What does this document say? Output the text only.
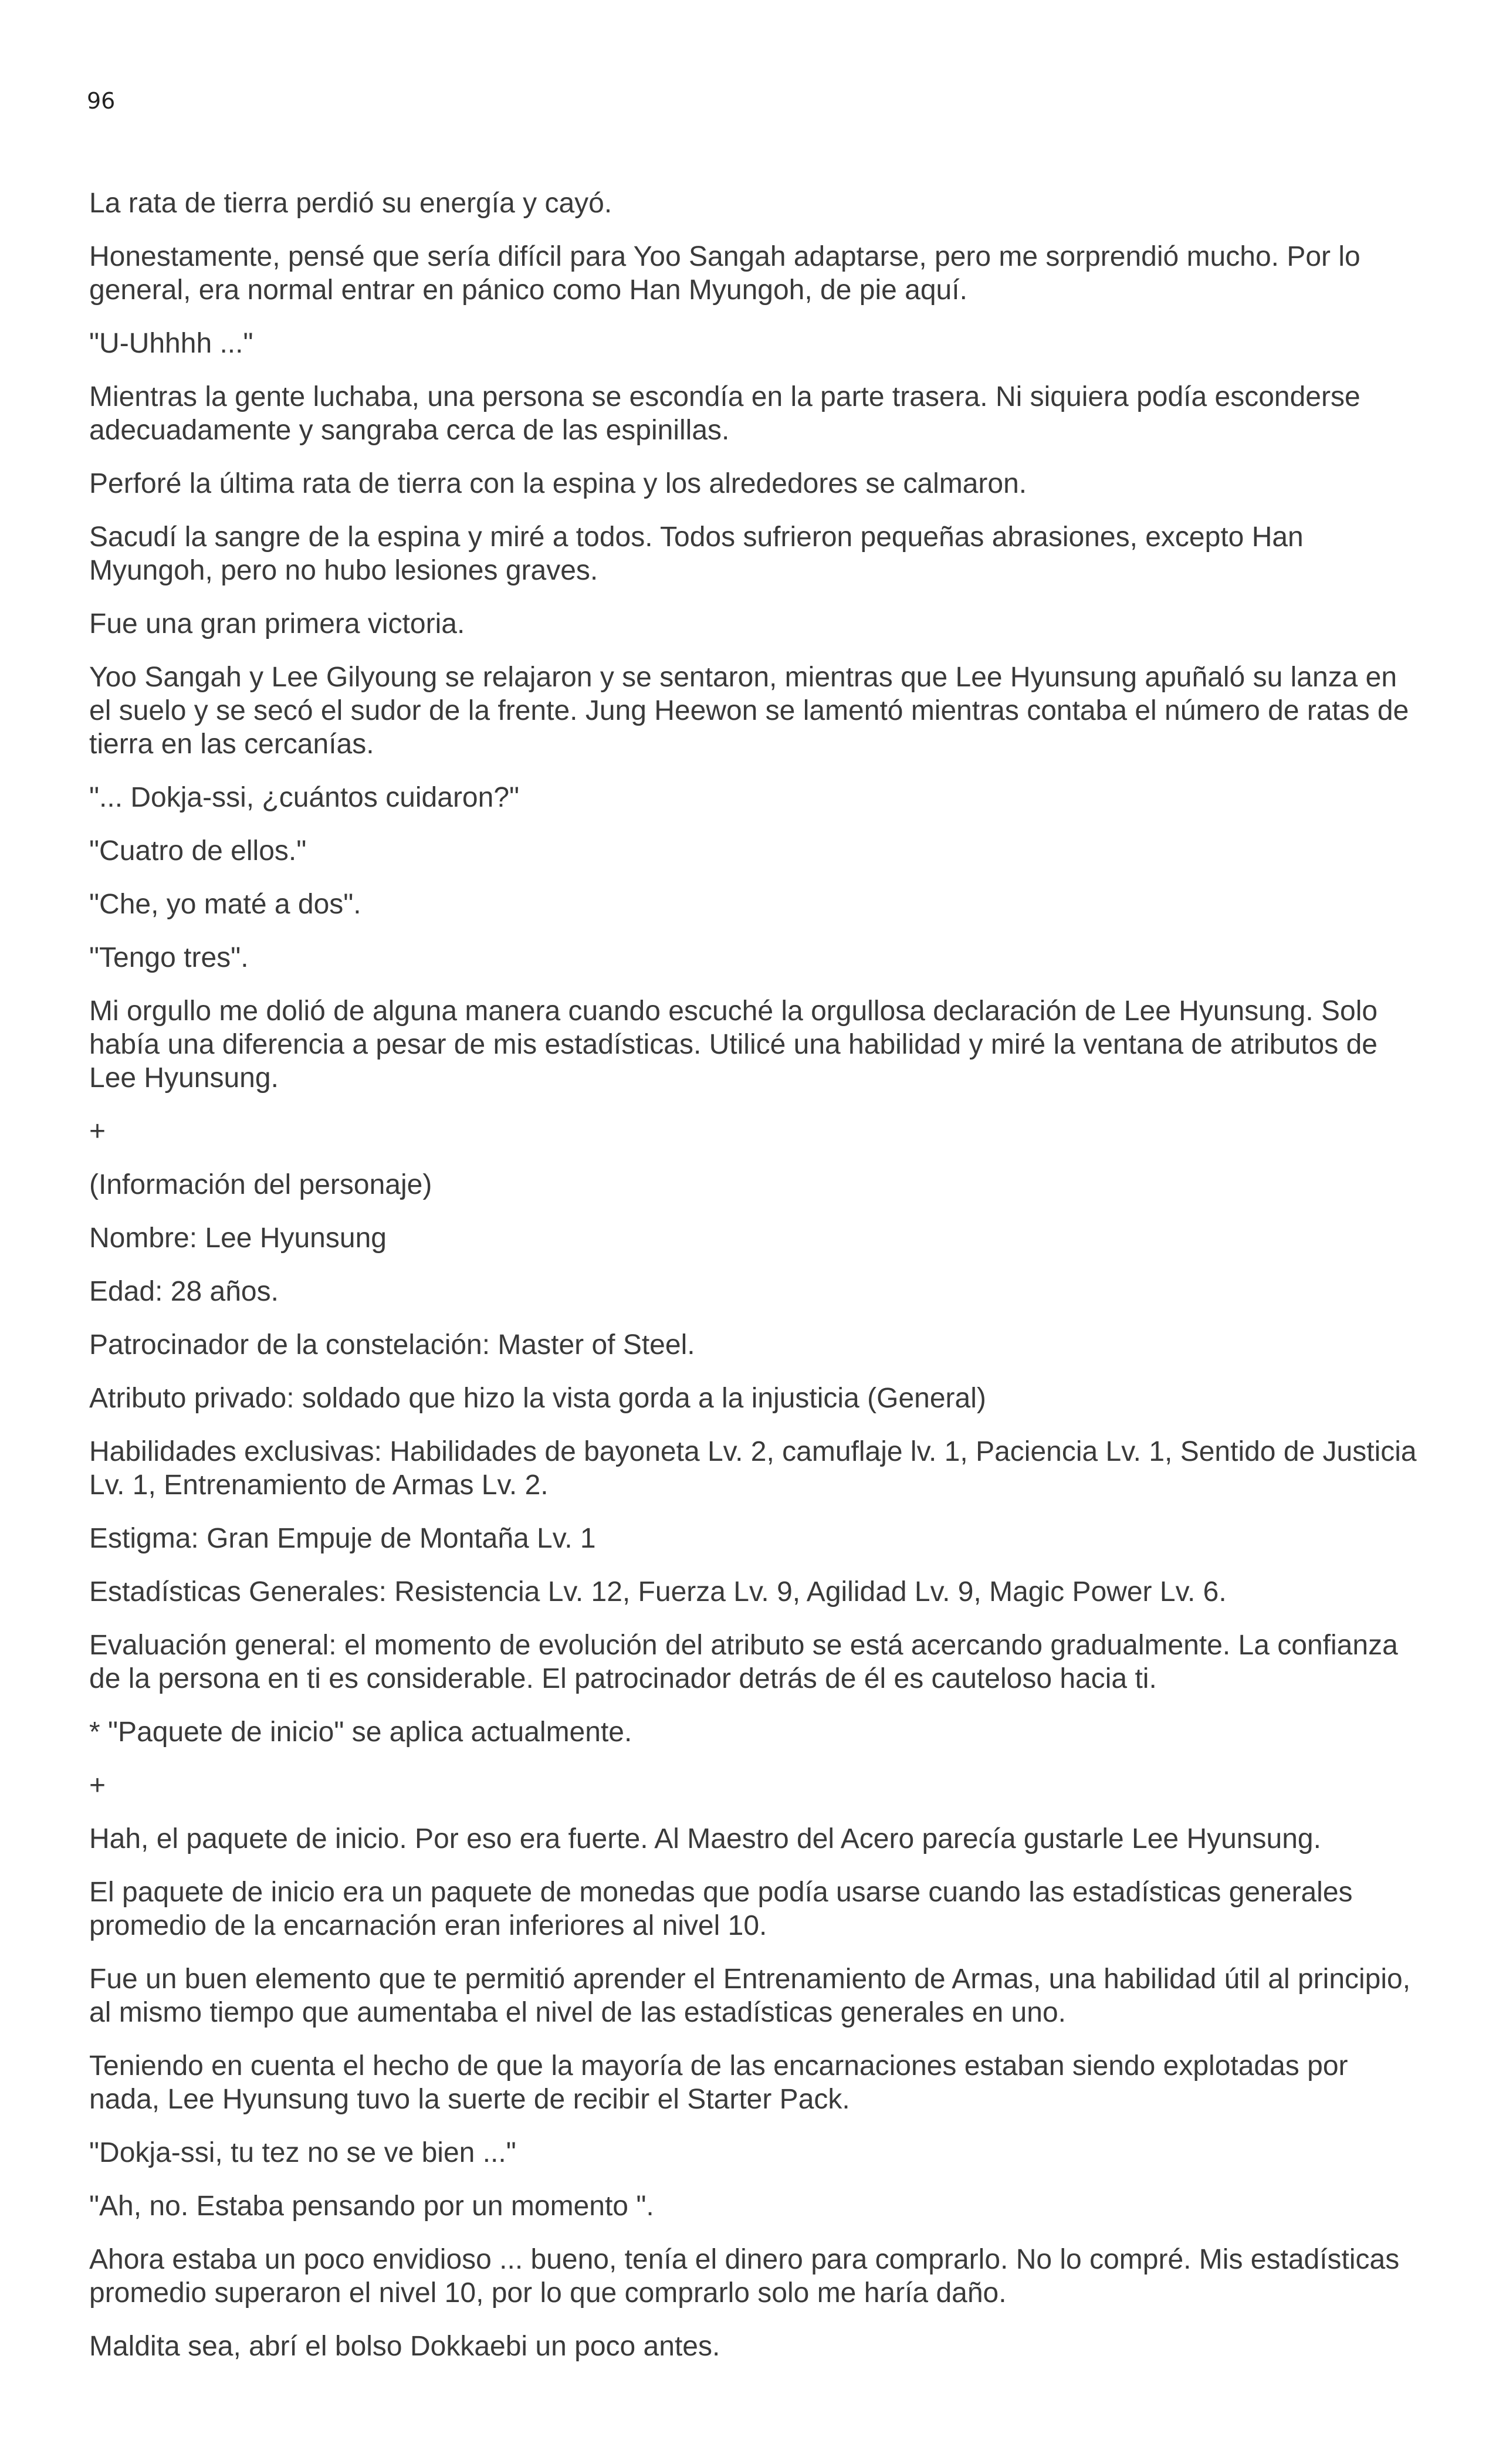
96

La rata de tierra perdió su energía y cayó.

Honestamente, pensé que sería difícil para Yoo Sangah adaptarse, pero me sorprendió mucho. Por lo general, era normal entrar en pánico como Han Myungoh, de pie aquí.

"U-Uhhhh ..."

Mientras la gente luchaba, una persona se escondía en la parte trasera. Ni siquiera podía esconderse adecuadamente y sangraba cerca de las espinillas.

Perforé la última rata de tierra con la espina y los alrededores se calmaron.

Sacudí la sangre de la espina y miré a todos. Todos sufrieron pequeñas abrasiones, excepto Han Myungoh, pero no hubo lesiones graves.

Fue una gran primera victoria.

Yoo Sangah y Lee Gilyoung se relajaron y se sentaron, mientras que Lee Hyunsung apuñaló su lanza en el suelo y se secó el sudor de la frente. Jung Heewon se lamentó mientras contaba el número de ratas de tierra en las cercanías.

"... Dokja-ssi, ¿cuántos cuidaron?"

"Cuatro de ellos."

"Che, yo maté a dos".

"Tengo tres".

Mi orgullo me dolió de alguna manera cuando escuché la orgullosa declaración de Lee Hyunsung. Solo había una diferencia a pesar de mis estadísticas. Utilicé una habilidad y miré la ventana de atributos de Lee Hyunsung.

+

(Información del personaje)

Nombre: Lee Hyunsung

Edad: 28 años.

Patrocinador de la constelación: Master of Steel.

Atributo privado: soldado que hizo la vista gorda a la injusticia (General)

Habilidades exclusivas: Habilidades de bayoneta Lv. 2, camuflaje lv. 1, Paciencia Lv. 1, Sentido de Justicia Lv. 1, Entrenamiento de Armas Lv. 2.

Estigma: Gran Empuje de Montaña Lv. 1

Estadísticas Generales: Resistencia Lv. 12, Fuerza Lv. 9, Agilidad Lv. 9, Magic Power Lv. 6.

Evaluación general: el momento de evolución del atributo se está acercando gradualmente. La confianza de la persona en ti es considerable. El patrocinador detrás de él es cauteloso hacia ti.

* "Paquete de inicio" se aplica actualmente.

+

Hah, el paquete de inicio. Por eso era fuerte. Al Maestro del Acero parecía gustarle Lee Hyunsung.

El paquete de inicio era un paquete de monedas que podía usarse cuando las estadísticas generales promedio de la encarnación eran inferiores al nivel 10.

Fue un buen elemento que te permitió aprender el Entrenamiento de Armas, una habilidad útil al principio, al mismo tiempo que aumentaba el nivel de las estadísticas generales en uno.

Teniendo en cuenta el hecho de que la mayoría de las encarnaciones estaban siendo explotadas por nada, Lee Hyunsung tuvo la suerte de recibir el Starter Pack.

"Dokja-ssi, tu tez no se ve bien ..."

"Ah, no. Estaba pensando por un momento ".

Ahora estaba un poco envidioso ... bueno, tenía el dinero para comprarlo. No lo compré. Mis estadísticas promedio superaron el nivel 10, por lo que comprarlo solo me haría daño.

Maldita sea, abrí el bolso Dokkaebi un poco antes.
